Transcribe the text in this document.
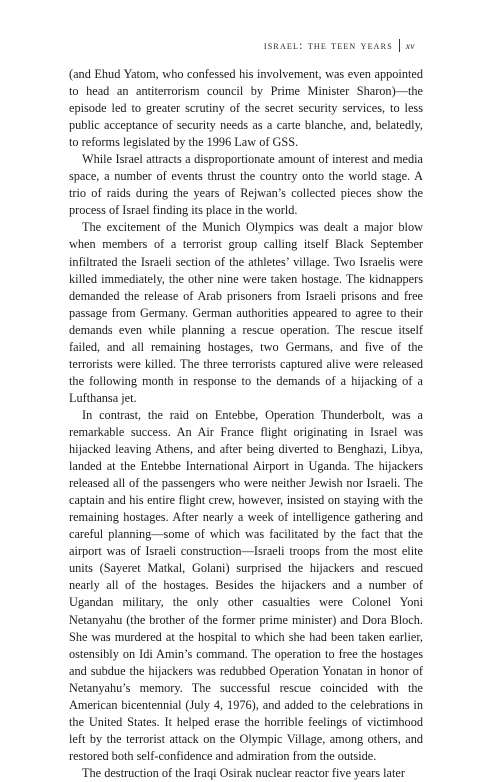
israel: the teen years xv

(and Ehud Yatom, who confessed his involvement, was even appointed to head an antiterrorism council by Prime Minister Sharon)—the episode led to greater scrutiny of the secret security services, to less public acceptance of security needs as a carte blanche, and, belatedly, to reforms legislated by the 1996 Law of GSS.

While Israel attracts a disproportionate amount of interest and media space, a number of events thrust the country onto the world stage. A trio of raids during the years of Rejwan’s collected pieces show the process of Israel finding its place in the world.

The excitement of the Munich Olympics was dealt a major blow when members of a terrorist group calling itself Black September infiltrated the Israeli section of the athletes’ village. Two Israelis were killed immediately, the other nine were taken hostage. The kidnappers demanded the release of Arab prisoners from Israeli prisons and free passage from Germany. German authorities appeared to agree to their demands even while planning a rescue operation. The rescue itself failed, and all remaining hostages, two Germans, and five of the terrorists were killed. The three terrorists captured alive were released the following month in response to the demands of a hijacking of a Lufthansa jet.

In contrast, the raid on Entebbe, Operation Thunderbolt, was a remarkable success. An Air France flight originating in Israel was hijacked leaving Athens, and after being diverted to Benghazi, Libya, landed at the Entebbe International Airport in Uganda. The hijackers released all of the passengers who were neither Jewish nor Israeli. The captain and his entire flight crew, however, insisted on staying with the remaining hostages. After nearly a week of intelligence gathering and careful planning—some of which was facilitated by the fact that the airport was of Israeli construction—Israeli troops from the most elite units (Sayeret Matkal, Golani) surprised the hijackers and rescued nearly all of the hostages. Besides the hijackers and a number of Ugandan military, the only other casualties were Colonel Yoni Netanyahu (the brother of the former prime minister) and Dora Bloch. She was murdered at the hospital to which she had been taken earlier, ostensibly on Idi Amin’s command. The operation to free the hostages and subdue the hijackers was redubbed Operation Yonatan in honor of Netanyahu’s memory. The successful rescue coincided with the American bicentennial (July 4, 1976), and added to the celebrations in the United States. It helped erase the horrible feelings of victimhood left by the terrorist attack on the Olympic Village, among others, and restored both self-confidence and admiration from the outside.

The destruction of the Iraqi Osirak nuclear reactor five years later
